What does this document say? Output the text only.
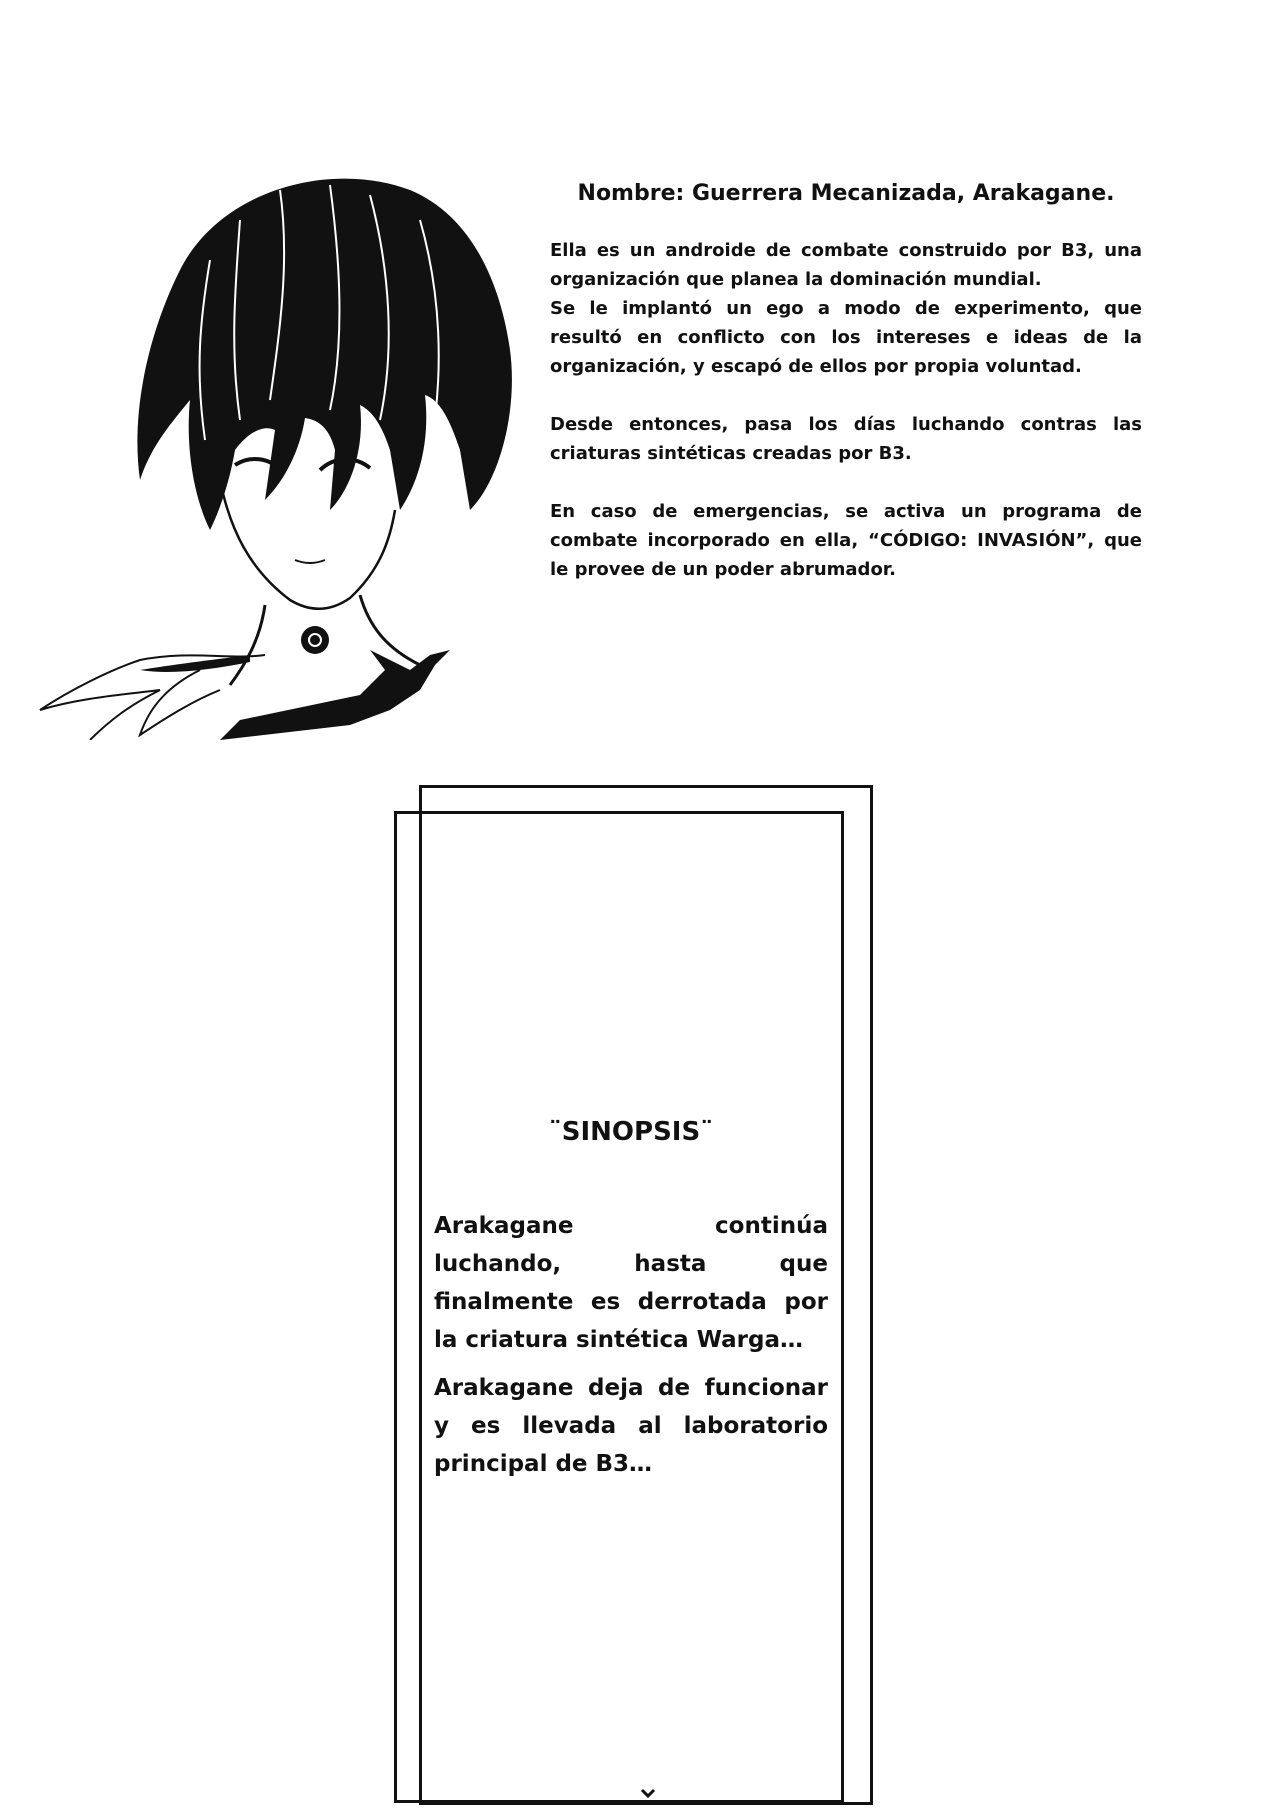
Nombre: Guerrera Mecanizada, Arakagane.

Ella es un androide de combate construido por B3, una organización que planea la dominación mundial.
Se le implantó un ego a modo de experimento, que resultó en conflicto con los intereses e ideas de la organización, y escapó de ellos por propia voluntad.

Desde entonces, pasa los días luchando contras las criaturas sintéticas creadas por B3.

En caso de emergencias, se activa un programa de combate incorporado en ella, “CÓDIGO: INVASIÓN”, que le provee de un poder abrumador.

¨SINOPSIS¨

Arakagane continúa luchando, hasta que finalmente es derrotada por la criatura sintética Warga…

Arakagane deja de funcionar y es llevada al laboratorio principal de B3…
